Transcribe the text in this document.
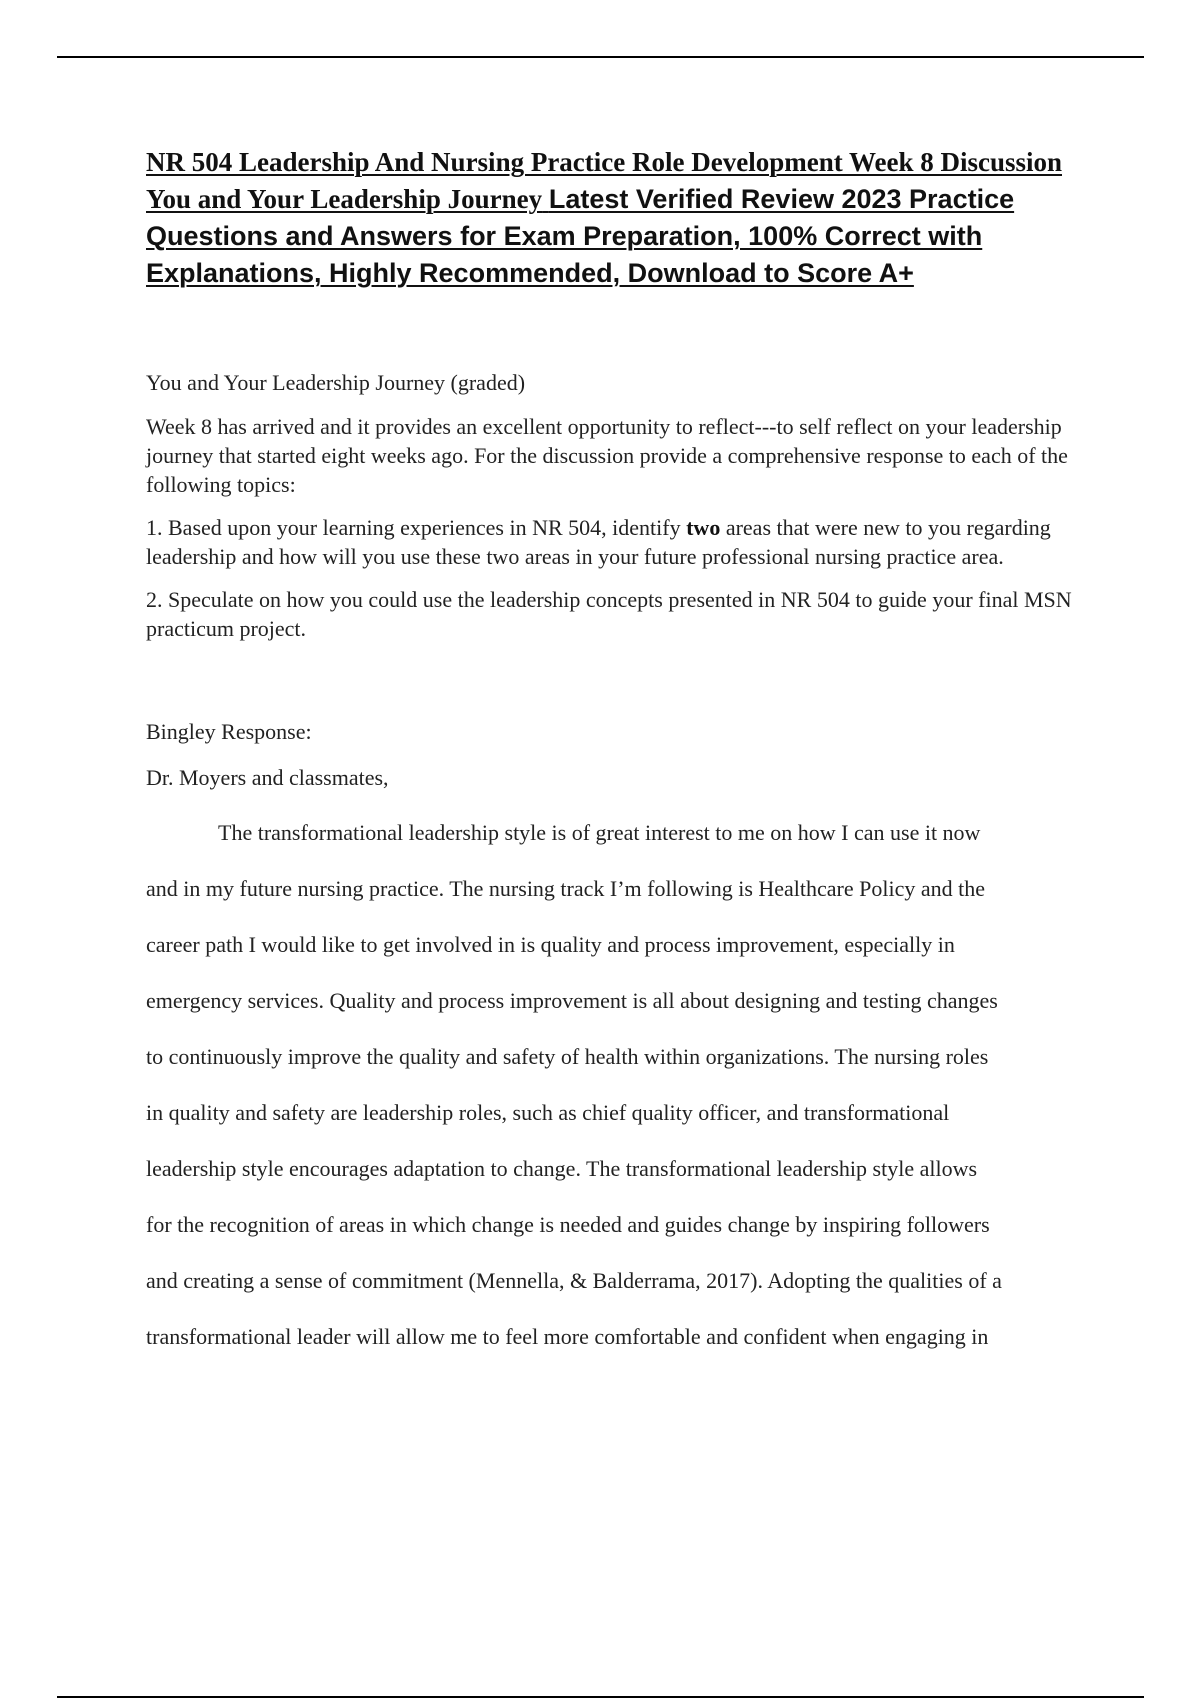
NR 504 Leadership And Nursing Practice Role Development Week 8 Discussion You and Your Leadership Journey Latest Verified Review 2023 Practice Questions and Answers for Exam Preparation, 100% Correct with Explanations, Highly Recommended, Download to Score A+

You and Your Leadership Journey (graded)

Week 8 has arrived and it provides an excellent opportunity to reflect---to self reflect on your leadership journey that started eight weeks ago. For the discussion provide a comprehensive response to each of the following topics:

1. Based upon your learning experiences in NR 504, identify two areas that were new to you regarding leadership and how will you use these two areas in your future professional nursing practice area.

2. Speculate on how you could use the leadership concepts presented in NR 504 to guide your final MSN practicum project.

Bingley Response:

Dr. Moyers and classmates,

The transformational leadership style is of great interest to me on how I can use it now
and in my future nursing practice. The nursing track I’m following is Healthcare Policy and the
career path I would like to get involved in is quality and process improvement, especially in
emergency services. Quality and process improvement is all about designing and testing changes
to continuously improve the quality and safety of health within organizations. The nursing roles
in quality and safety are leadership roles, such as chief quality officer, and transformational
leadership style encourages adaptation to change. The transformational leadership style allows
for the recognition of areas in which change is needed and guides change by inspiring followers
and creating a sense of commitment (Mennella, & Balderrama, 2017). Adopting the qualities of a
transformational leader will allow me to feel more comfortable and confident when engaging in
